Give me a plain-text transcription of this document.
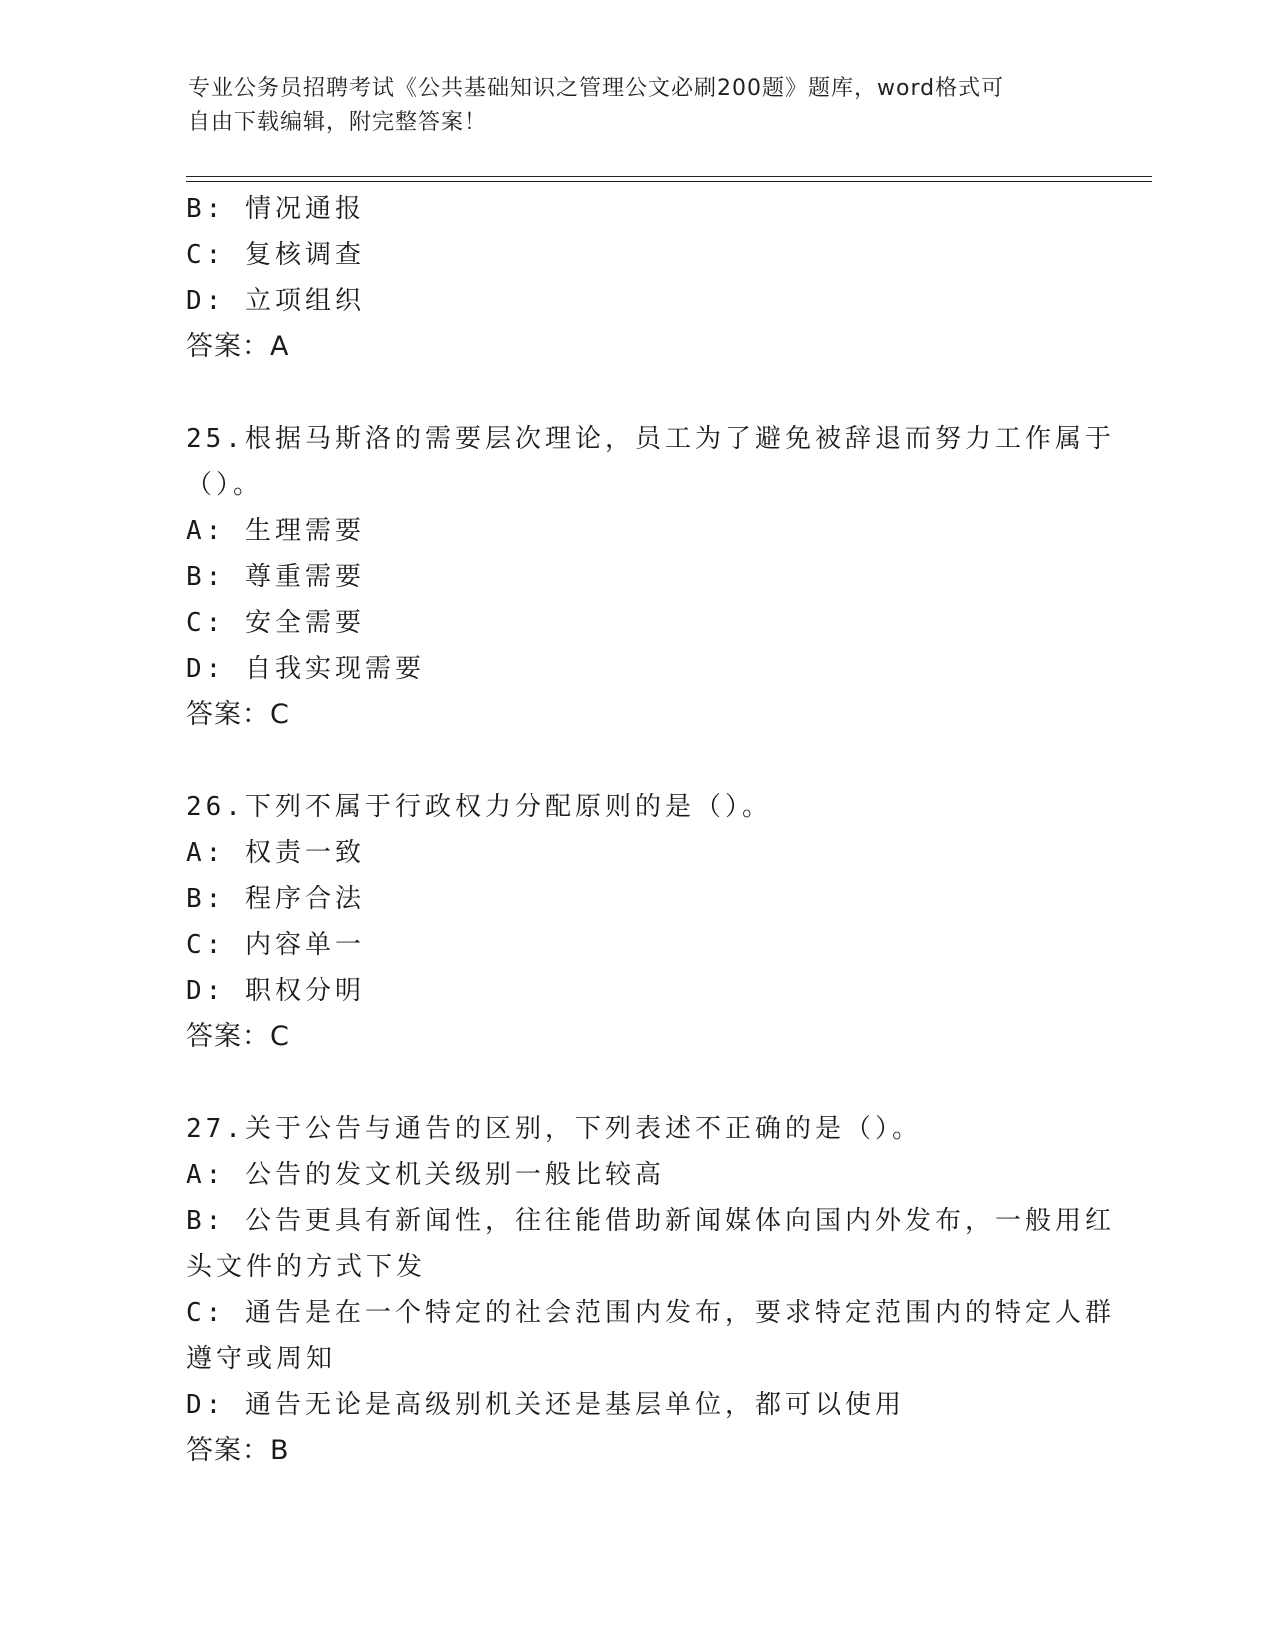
专业公务员招聘考试《公共基础知识之管理公文必刷200题》题库，word格式可
自由下载编辑，附完整答案！
B: 情况通报
C: 复核调查
D: 立项组织
答案：A
25.根据马斯洛的需要层次理论，员工为了避免被辞退而努力工作属于
（）。
A: 生理需要
B: 尊重需要
C: 安全需要
D: 自我实现需要
答案：C
26.下列不属于行政权力分配原则的是（）。
A: 权责一致
B: 程序合法
C: 内容单一
D: 职权分明
答案：C
27.关于公告与通告的区别，下列表述不正确的是（）。
A: 公告的发文机关级别一般比较高
B: 公告更具有新闻性，往往能借助新闻媒体向国内外发布，一般用红
头文件的方式下发
C: 通告是在一个特定的社会范围内发布，要求特定范围内的特定人群
遵守或周知
D: 通告无论是高级别机关还是基层单位，都可以使用
答案：B
